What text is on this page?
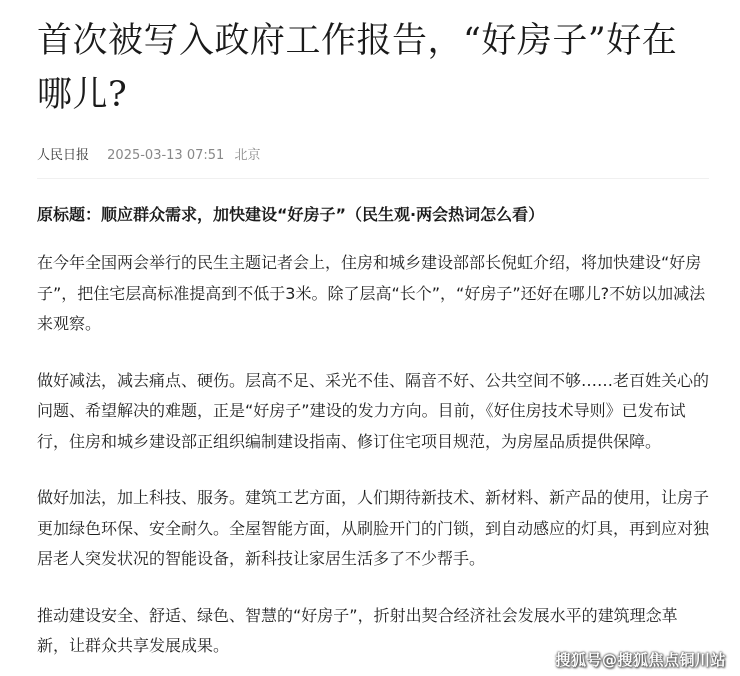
首次被写入政府工作报告，“好房子”好在哪儿?
人民日报 2025-03-13 07:51 北京
原标题：顺应群众需求，加快建设“好房子”（民生观·两会热词怎么看）

在今年全国两会举行的民生主题记者会上，住房和城乡建设部部长倪虹介绍，将加快建设“好房子”，把住宅层高标准提高到不低于3米。除了层高“长个”，“好房子”还好在哪儿?不妨以加减法来观察。

做好减法，减去痛点、硬伤。层高不足、采光不佳、隔音不好、公共空间不够……老百姓关心的问题、希望解决的难题，正是“好房子”建设的发力方向。目前，《好住房技术导则》已发布试行，住房和城乡建设部正组织编制建设指南、修订住宅项目规范，为房屋品质提供保障。

做好加法，加上科技、服务。建筑工艺方面，人们期待新技术、新材料、新产品的使用，让房子更加绿色环保、安全耐久。全屋智能方面，从刷脸开门的门锁，到自动感应的灯具，再到应对独居老人突发状况的智能设备，新科技让家居生活多了不少帮手。

推动建设安全、舒适、绿色、智慧的“好房子”，折射出契合经济社会发展水平的建筑理念革新，让群众共享发展成果。

搜狐号@搜狐焦点铜川站
